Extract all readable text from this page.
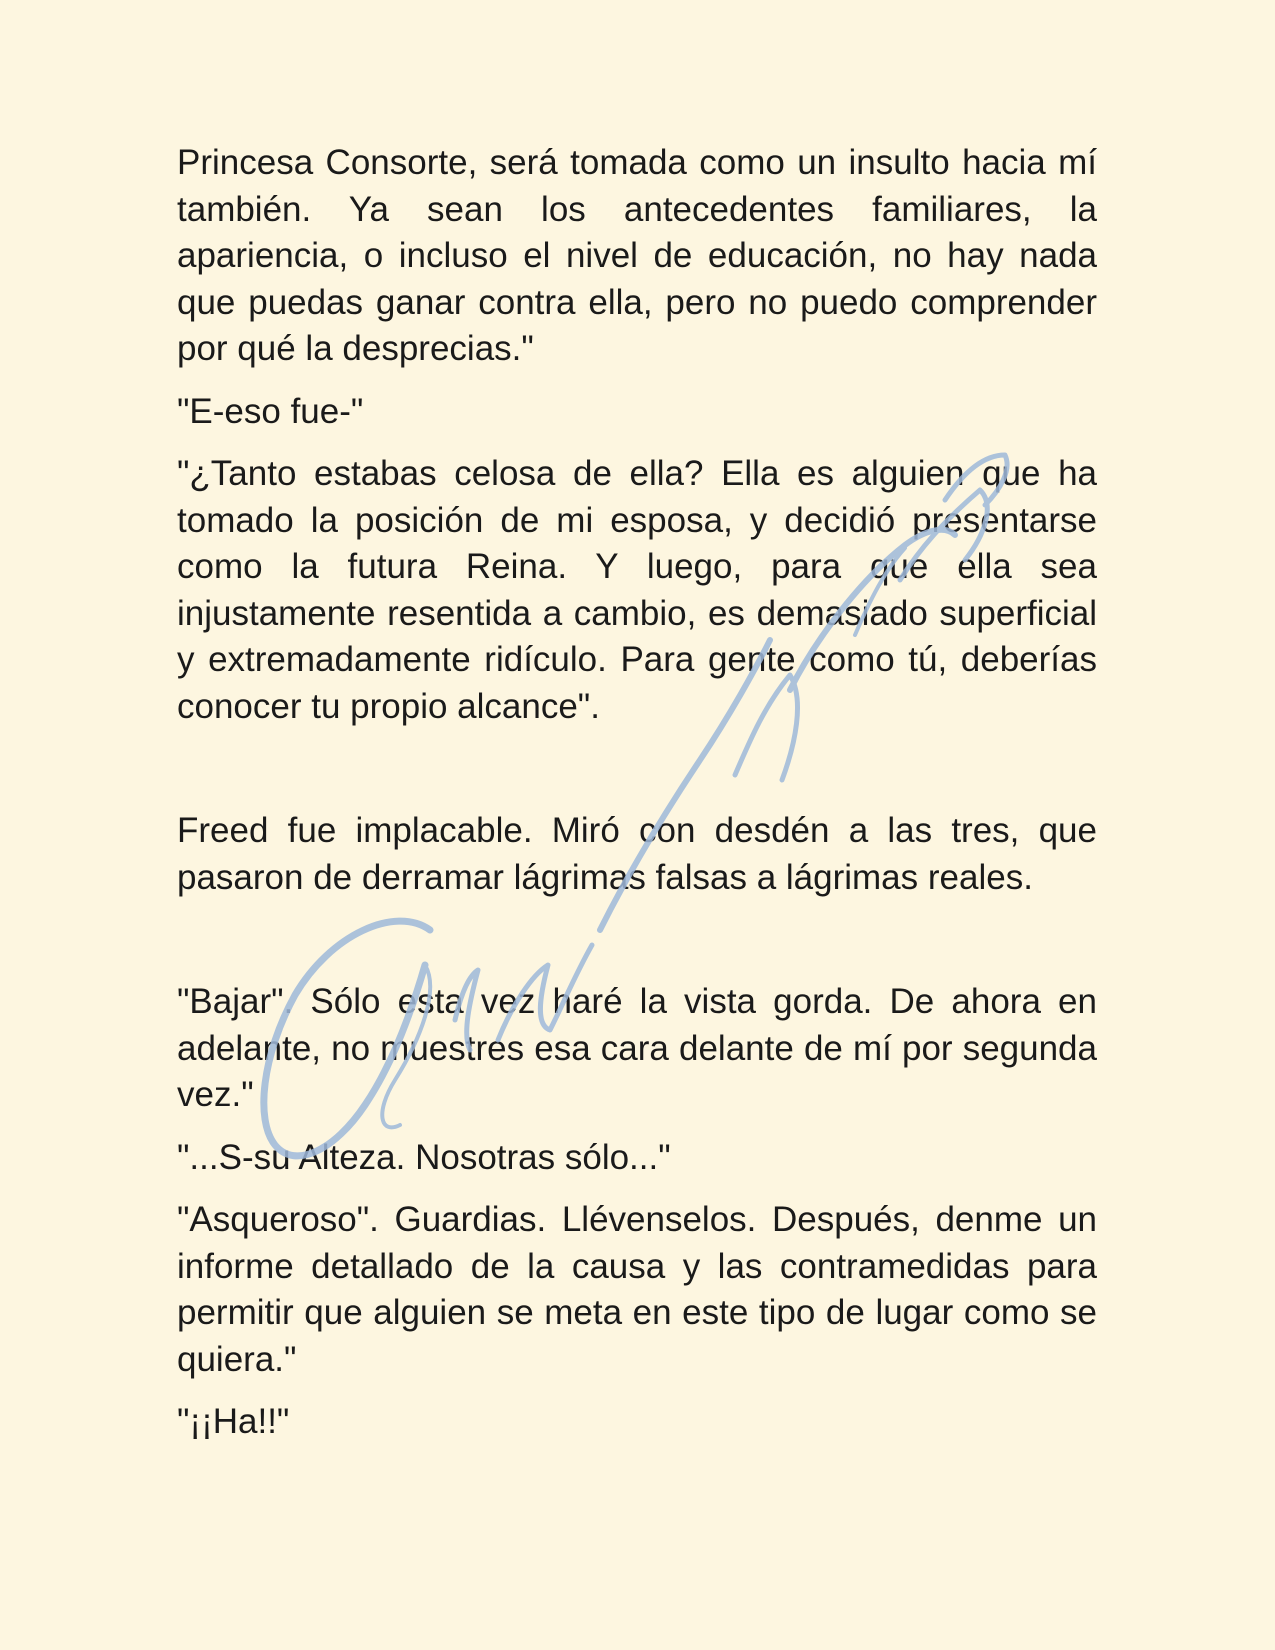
Princesa Consorte, será tomada como un insulto hacia mí también. Ya sean los antecedentes familiares, la apariencia, o incluso el nivel de educación, no hay nada que puedas ganar contra ella, pero no puedo comprender por qué la desprecias."

"E-eso fue-"

"¿Tanto estabas celosa de ella? Ella es alguien que ha tomado la posición de mi esposa, y decidió presentarse como la futura Reina. Y luego, para que ella sea injustamente resentida a cambio, es demasiado superficial y extremadamente ridículo. Para gente como tú, deberías conocer tu propio alcance".

Freed fue implacable. Miró con desdén a las tres, que pasaron de derramar lágrimas falsas a lágrimas reales.

"Bajar". Sólo esta vez haré la vista gorda. De ahora en adelante, no muestres esa cara delante de mí por segunda vez."

"...S-su Alteza. Nosotras sólo..."

"Asqueroso". Guardias. Llévenselos. Después, denme un informe detallado de la causa y las contramedidas para permitir que alguien se meta en este tipo de lugar como se quiera."

"¡¡Ha!!"
